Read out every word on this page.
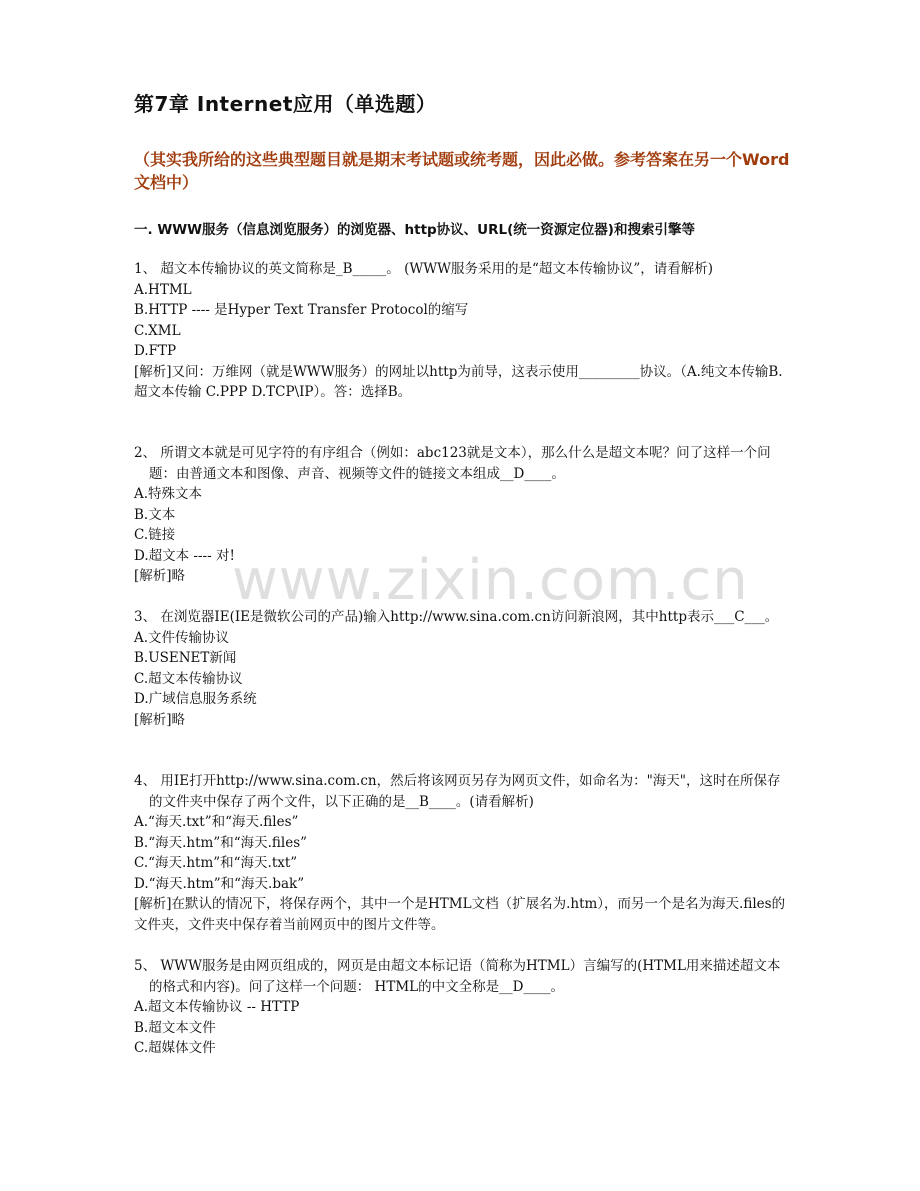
第7章 Internet应用（单选题）
（其实我所给的这些典型题目就是期末考试题或统考题，因此必做。参考答案在另一个Word文档中）
一. WWW服务（信息浏览服务）的浏览器、http协议、URL(统一资源定位器)和搜索引擎等
1、 超文本传输协议的英文简称是_B_____。 (WWW服务采用的是“超文本传输协议”，请看解析)
A.HTML
B.HTTP ---- 是Hyper Text Transfer Protocol的缩写
C.XML
D.FTP
[解析]又问：万维网（就是WWW服务）的网址以http为前导，这表示使用_________协议。（A.纯文本传输B.超文本传输 C.PPP D.TCP\IP）。答：选择B。
2、 所谓文本就是可见字符的有序组合（例如：abc123就是文本），那么什么是超文本呢？问了这样一个问题：由普通文本和图像、声音、视频等文件的链接文本组成__D____。
A.特殊文本
B.文本
C.链接
D.超文本 ---- 对!
[解析]略
3、 在浏览器IE(IE是微软公司的产品)输入http://www.sina.com.cn访问新浪网，其中http表示___C___。
A.文件传输协议
B.USENET新闻
C.超文本传输协议
D.广域信息服务系统
[解析]略
4、 用IE打开http://www.sina.com.cn，然后将该网页另存为网页文件，如命名为："海天"，这时在所保存的文件夹中保存了两个文件，以下正确的是__B____。(请看解析)
A.“海天.txt”和“海天.files”
B.“海天.htm”和“海天.files”
C.“海天.htm”和“海天.txt”
D.“海天.htm”和“海天.bak”
[解析]在默认的情况下，将保存两个，其中一个是HTML文档（扩展名为.htm），而另一个是名为海天.files的文件夹，文件夹中保存着当前网页中的图片文件等。
5、 WWW服务是由网页组成的，网页是由超文本标记语（简称为HTML）言编写的(HTML用来描述超文本的格式和内容)。问了这样一个问题： HTML的中文全称是__D____。
A.超文本传输协议 -- HTTP
B.超文本文件
C.超媒体文件
www.zixin.com.cn
